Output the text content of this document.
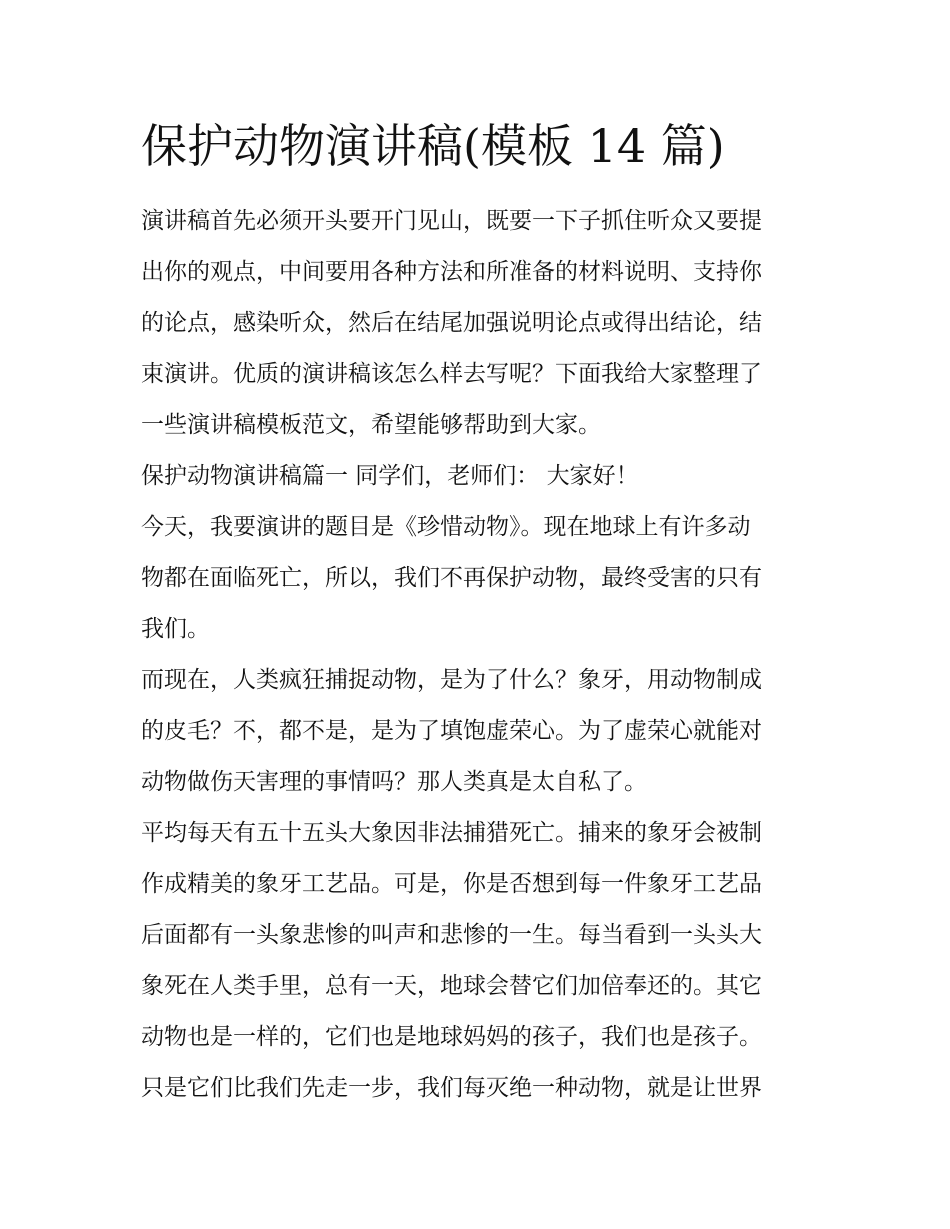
保护动物演讲稿(模板 14 篇)
演讲稿首先必须开头要开门见山，既要一下子抓住听众又要提
出你的观点，中间要用各种方法和所准备的材料说明、支持你
的论点，感染听众，然后在结尾加强说明论点或得出结论，结
束演讲。优质的演讲稿该怎么样去写呢？下面我给大家整理了
一些演讲稿模板范文，希望能够帮助到大家。
保护动物演讲稿篇一 同学们，老师们： 大家好！
今天，我要演讲的题目是《珍惜动物》。现在地球上有许多动
物都在面临死亡，所以，我们不再保护动物，最终受害的只有
我们。
而现在，人类疯狂捕捉动物，是为了什么？象牙，用动物制成
的皮毛？不，都不是，是为了填饱虚荣心。为了虚荣心就能对
动物做伤天害理的事情吗？那人类真是太自私了。
平均每天有五十五头大象因非法捕猎死亡。捕来的象牙会被制
作成精美的象牙工艺品。可是，你是否想到每一件象牙工艺品
后面都有一头象悲惨的叫声和悲惨的一生。每当看到一头头大
象死在人类手里，总有一天，地球会替它们加倍奉还的。其它
动物也是一样的，它们也是地球妈妈的孩子，我们也是孩子。
只是它们比我们先走一步，我们每灭绝一种动物，就是让世界
